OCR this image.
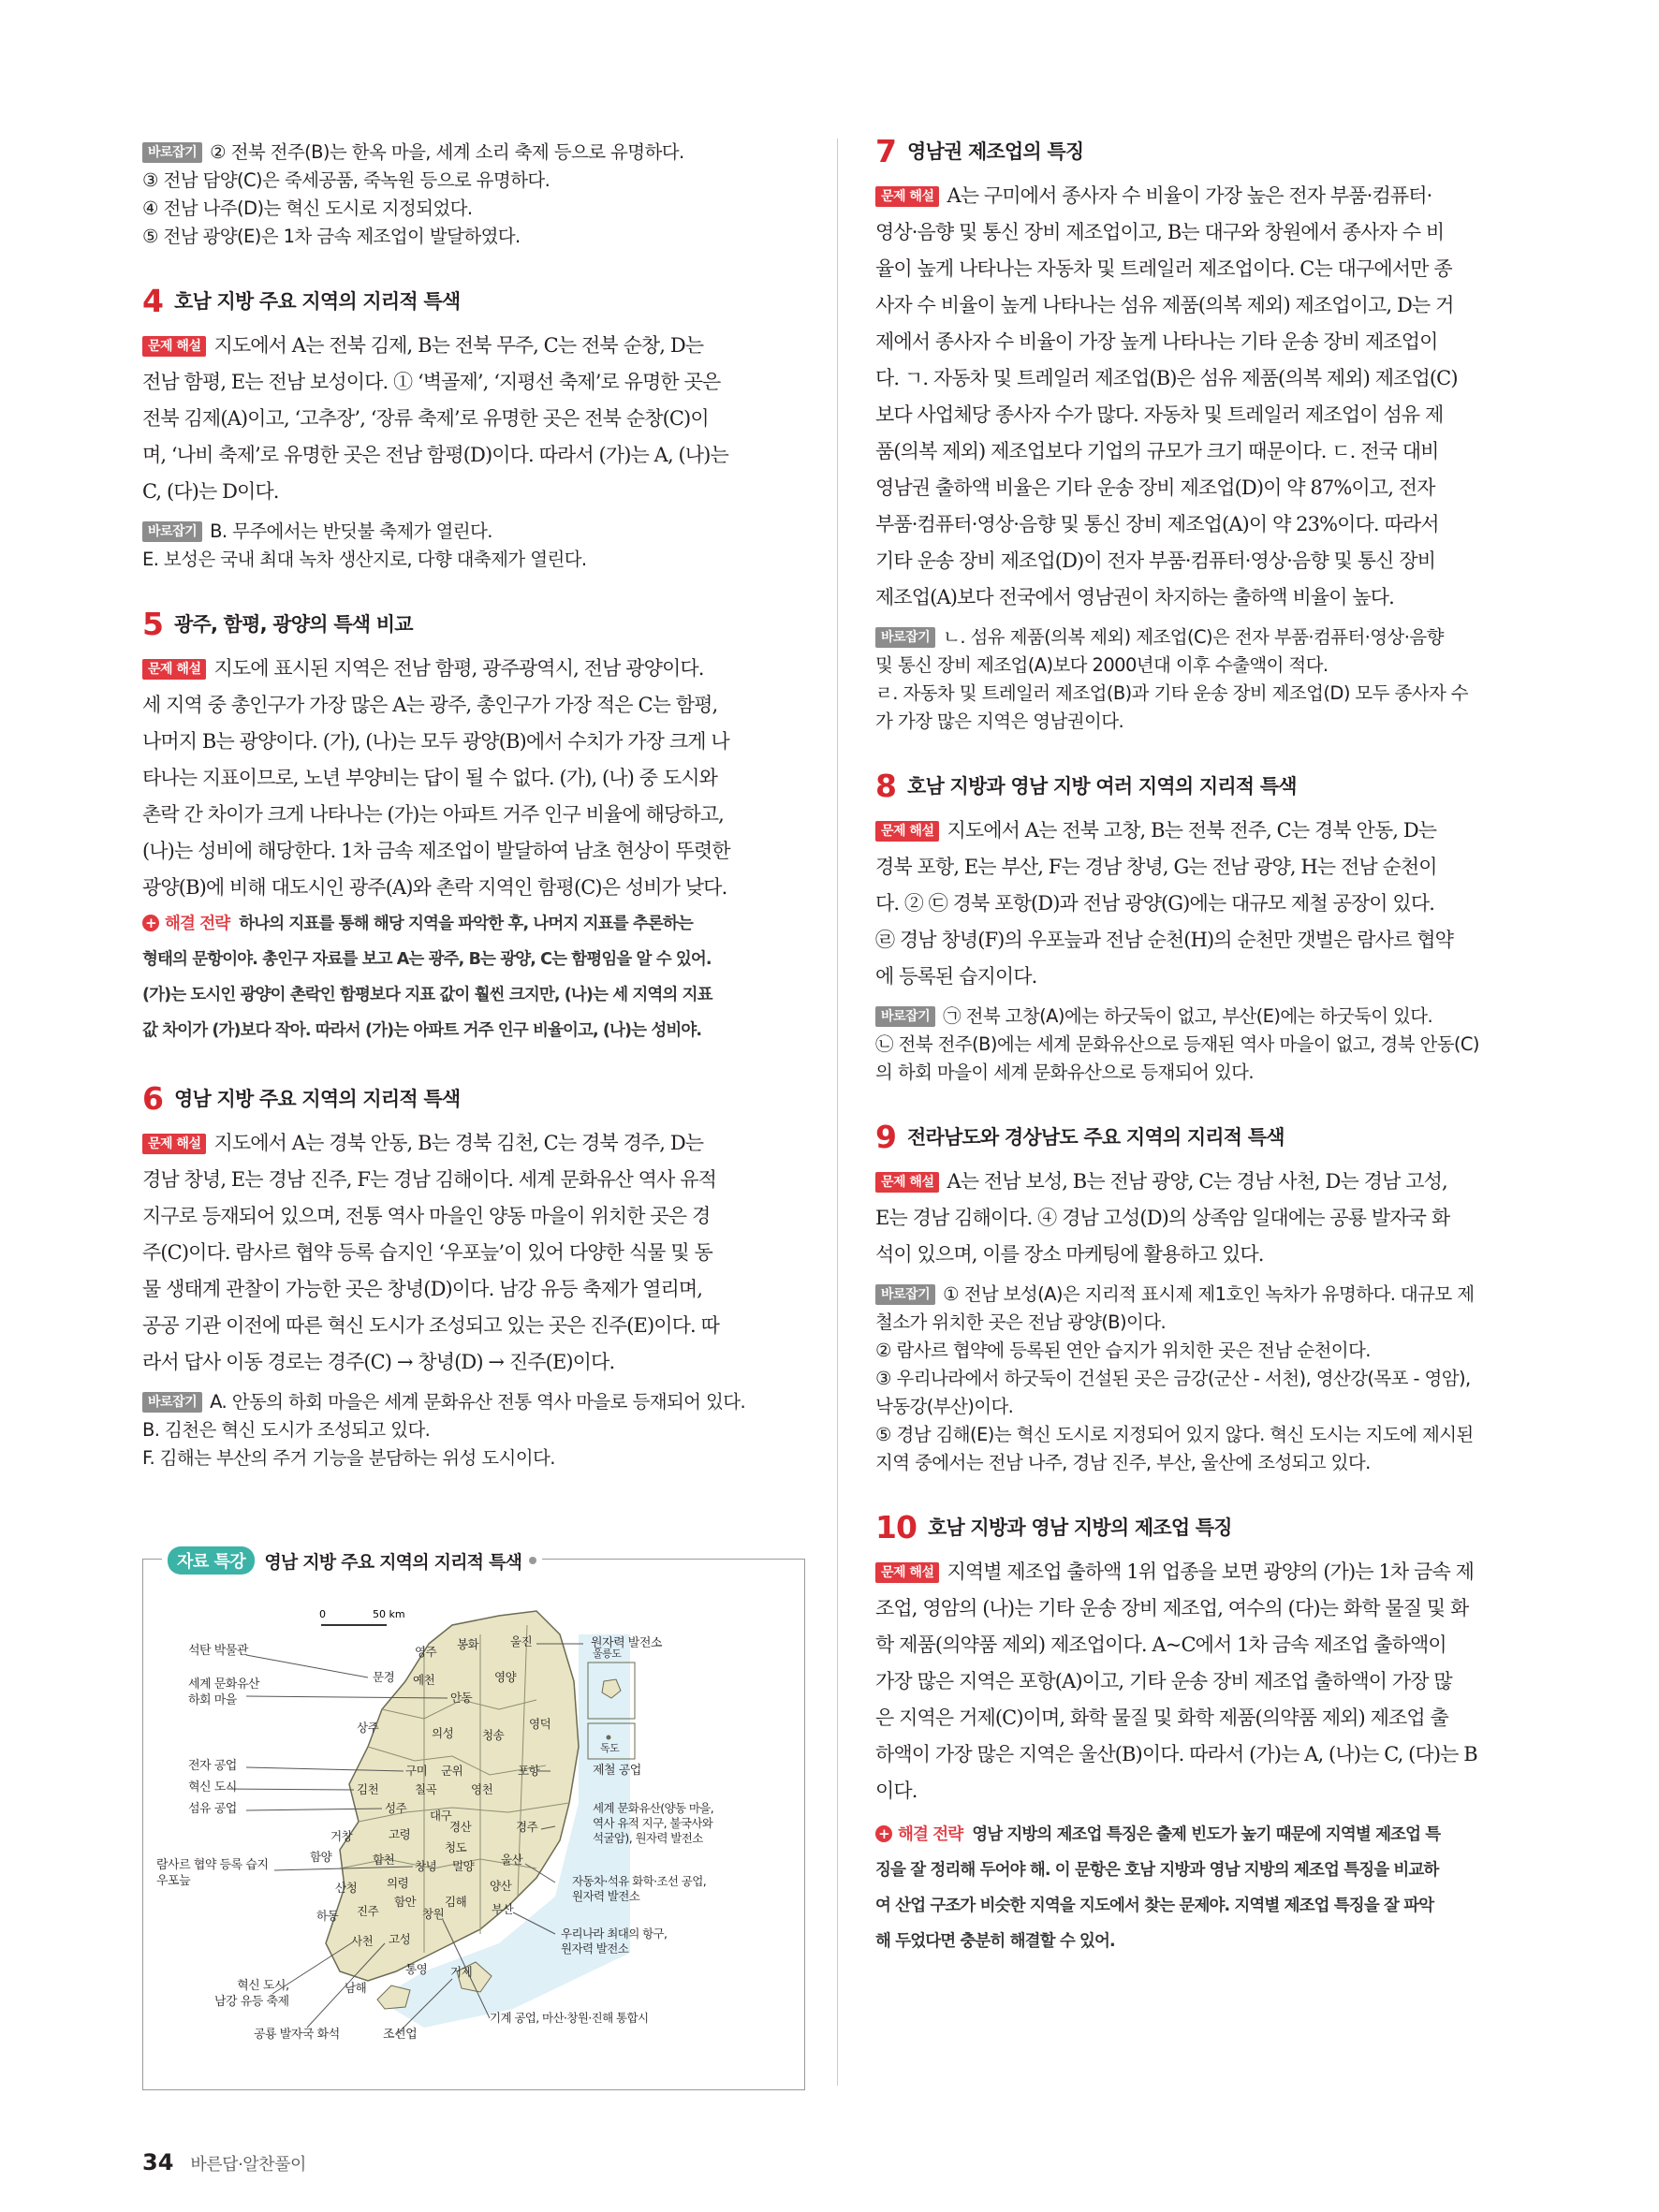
바로잡기 ② 전북 전주(B)는 한옥 마을, 세계 소리 축제 등으로 유명하다.
③ 전남 담양(C)은 죽세공품, 죽녹원 등으로 유명하다.
④ 전남 나주(D)는 혁신 도시로 지정되었다.
⑤ 전남 광양(E)은 1차 금속 제조업이 발달하였다.
4 호남 지방 주요 지역의 지리적 특색
문제 해설 지도에서 A는 전북 김제, B는 전북 무주, C는 전북 순창, D는
전남 함평, E는 전남 보성이다. ① ‘벽골제’, ‘지평선 축제’로 유명한 곳은
전북 김제(A)이고, ‘고추장’, ‘장류 축제’로 유명한 곳은 전북 순창(C)이
며, ‘나비 축제’로 유명한 곳은 전남 함평(D)이다. 따라서 (가)는 A, (나)는
C, (다)는 D이다.
바로잡기 B. 무주에서는 반딧불 축제가 열린다.
E. 보성은 국내 최대 녹차 생산지로, 다향 대축제가 열린다.
5 광주, 함평, 광양의 특색 비교
문제 해설 지도에 표시된 지역은 전남 함평, 광주광역시, 전남 광양이다.
세 지역 중 총인구가 가장 많은 A는 광주, 총인구가 가장 적은 C는 함평,
나머지 B는 광양이다. (가), (나)는 모두 광양(B)에서 수치가 가장 크게 나
타나는 지표이므로, 노년 부양비는 답이 될 수 없다. (가), (나) 중 도시와
촌락 간 차이가 크게 나타나는 (가)는 아파트 거주 인구 비율에 해당하고,
(나)는 성비에 해당한다. 1차 금속 제조업이 발달하여 남초 현상이 뚜렷한
광양(B)에 비해 대도시인 광주(A)와 촌락 지역인 함평(C)은 성비가 낮다.
+ 해결 전략 하나의 지표를 통해 해당 지역을 파악한 후, 나머지 지표를 추론하는
형태의 문항이야. 총인구 자료를 보고 A는 광주, B는 광양, C는 함평임을 알 수 있어.
(가)는 도시인 광양이 촌락인 함평보다 지표 값이 훨씬 크지만, (나)는 세 지역의 지표
값 차이가 (가)보다 작아. 따라서 (가)는 아파트 거주 인구 비율이고, (나)는 성비야.
6 영남 지방 주요 지역의 지리적 특색
문제 해설 지도에서 A는 경북 안동, B는 경북 김천, C는 경북 경주, D는
경남 창녕, E는 경남 진주, F는 경남 김해이다. 세계 문화유산 역사 유적
지구로 등재되어 있으며, 전통 역사 마을인 양동 마을이 위치한 곳은 경
주(C)이다. 람사르 협약 등록 습지인 ‘우포늪’이 있어 다양한 식물 및 동
물 생태계 관찰이 가능한 곳은 창녕(D)이다. 남강 유등 축제가 열리며,
공공 기관 이전에 따른 혁신 도시가 조성되고 있는 곳은 진주(E)이다. 따
라서 답사 이동 경로는 경주(C) → 창녕(D) → 진주(E)이다.
바로잡기 A. 안동의 하회 마을은 세계 문화유산 전통 역사 마을로 등재되어 있다.
B. 김천은 혁신 도시가 조성되고 있다.
F. 김해는 부산의 주거 기능을 분담하는 위성 도시이다.
자료 특강	영남 지방 주요 지역의 지리적 특색
0	50 km
영주
봉화	울진
문경 예천
안동
영양
상주	의성 청송
영덕
구미 군위
김천	칠곡
포항
성주
영천
대구
경산
거창	고령
경주
함양	합천 창녕
청도
밀양 울산
산청	의령	양산
함안 김해
부산
하동 진주	창원
사천 고성
남해
통영 거제
울릉도
독도
석탄 박물관
세계 문화유산
하회 마을
전자 공업
혁신 도시
섬유 공업
람사르 협약 등록 습지
우포늪
혁신 도시,
남강 유등 축제
공룡 발자국 화석	조선업
원자력 발전소
제철 공업
세계 문화유산(양동 마을,
역사 유적 지구, 불국사와
석굴암), 원자력 발전소
자동차·석유 화학·조선 공업,
원자력 발전소
우리나라 최대의 항구,
원자력 발전소
기계 공업, 마산·창원·진해 통합시
7 영남권 제조업의 특징
문제 해설 A는 구미에서 종사자 수 비율이 가장 높은 전자 부품·컴퓨터·
영상·음향 및 통신 장비 제조업이고, B는 대구와 창원에서 종사자 수 비
율이 높게 나타나는 자동차 및 트레일러 제조업이다. C는 대구에서만 종
사자 수 비율이 높게 나타나는 섬유 제품(의복 제외) 제조업이고, D는 거
제에서 종사자 수 비율이 가장 높게 나타나는 기타 운송 장비 제조업이
다. ㄱ. 자동차 및 트레일러 제조업(B)은 섬유 제품(의복 제외) 제조업(C)
보다 사업체당 종사자 수가 많다. 자동차 및 트레일러 제조업이 섬유 제
품(의복 제외) 제조업보다 기업의 규모가 크기 때문이다. ㄷ. 전국 대비
영남권 출하액 비율은 기타 운송 장비 제조업(D)이 약 87%이고, 전자
부품·컴퓨터·영상·음향 및 통신 장비 제조업(A)이 약 23%이다. 따라서
기타 운송 장비 제조업(D)이 전자 부품·컴퓨터·영상·음향 및 통신 장비
제조업(A)보다 전국에서 영남권이 차지하는 출하액 비율이 높다.
바로잡기 ㄴ. 섬유 제품(의복 제외) 제조업(C)은 전자 부품·컴퓨터·영상·음향
및 통신 장비 제조업(A)보다 2000년대 이후 수출액이 적다.
ㄹ. 자동차 및 트레일러 제조업(B)과 기타 운송 장비 제조업(D) 모두 종사자 수
가 가장 많은 지역은 영남권이다.
8 호남 지방과 영남 지방 여러 지역의 지리적 특색
문제 해설 지도에서 A는 전북 고창, B는 전북 전주, C는 경북 안동, D는
경북 포항, E는 부산, F는 경남 창녕, G는 전남 광양, H는 전남 순천이
다. ② ㉢ 경북 포항(D)과 전남 광양(G)에는 대규모 제철 공장이 있다.
㉣ 경남 창녕(F)의 우포늪과 전남 순천(H)의 순천만 갯벌은 람사르 협약
에 등록된 습지이다.
바로잡기 ㉠ 전북 고창(A)에는 하굿둑이 없고, 부산(E)에는 하굿둑이 있다.
㉡ 전북 전주(B)에는 세계 문화유산으로 등재된 역사 마을이 없고, 경북 안동(C)
의 하회 마을이 세계 문화유산으로 등재되어 있다.
9 전라남도와 경상남도 주요 지역의 지리적 특색
문제 해설 A는 전남 보성, B는 전남 광양, C는 경남 사천, D는 경남 고성,
E는 경남 김해이다. ④ 경남 고성(D)의 상족암 일대에는 공룡 발자국 화
석이 있으며, 이를 장소 마케팅에 활용하고 있다.
바로잡기 ① 전남 보성(A)은 지리적 표시제 제1호인 녹차가 유명하다. 대규모 제
철소가 위치한 곳은 전남 광양(B)이다.
② 람사르 협약에 등록된 연안 습지가 위치한 곳은 전남 순천이다.
③ 우리나라에서 하굿둑이 건설된 곳은 금강(군산 - 서천), 영산강(목포 - 영암),
낙동강(부산)이다.
⑤ 경남 김해(E)는 혁신 도시로 지정되어 있지 않다. 혁신 도시는 지도에 제시된
지역 중에서는 전남 나주, 경남 진주, 부산, 울산에 조성되고 있다.
10 호남 지방과 영남 지방의 제조업 특징
문제 해설 지역별 제조업 출하액 1위 업종을 보면 광양의 (가)는 1차 금속 제
조업, 영암의 (나)는 기타 운송 장비 제조업, 여수의 (다)는 화학 물질 및 화
학 제품(의약품 제외) 제조업이다. A~C에서 1차 금속 제조업 출하액이
가장 많은 지역은 포항(A)이고, 기타 운송 장비 제조업 출하액이 가장 많
은 지역은 거제(C)이며, 화학 물질 및 화학 제품(의약품 제외) 제조업 출
하액이 가장 많은 지역은 울산(B)이다. 따라서 (가)는 A, (나)는 C, (다)는 B
이다.
+ 해결 전략 영남 지방의 제조업 특징은 출제 빈도가 높기 때문에 지역별 제조업 특
징을 잘 정리해 두어야 해. 이 문항은 호남 지방과 영남 지방의 제조업 특징을 비교하
여 산업 구조가 비슷한 지역을 지도에서 찾는 문제야. 지역별 제조업 특징을 잘 파악
해 두었다면 충분히 해결할 수 있어.
34 바른답·알찬풀이
